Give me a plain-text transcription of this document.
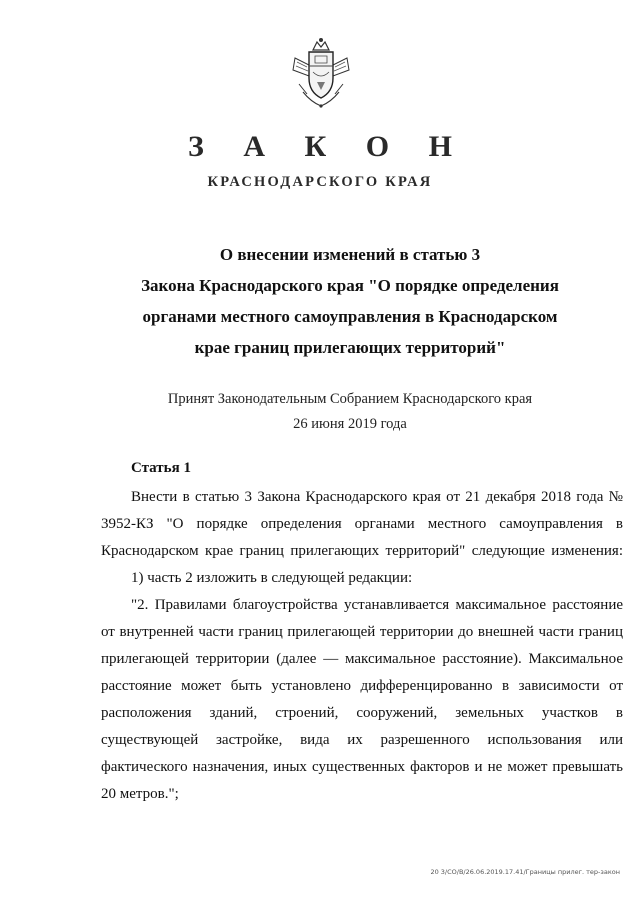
З А К О Н
КРАСНОДАРСКОГО КРАЯ
О внесении изменений в статью 3
Закона Краснодарского края "О порядке определения
органами местного самоуправления в Краснодарском
крае границ прилегающих территорий"
Принят Законодательным Собранием Краснодарского края
26 июня 2019 года
Статья 1

Внести в статью 3 Закона Краснодарского края от 21 декабря 2018 года № 3952-КЗ "О порядке определения органами местного самоуправления в Краснодарском крае границ прилегающих территорий" следующие изменения:

1) часть 2 изложить в следующей редакции:

"2. Правилами благоустройства устанавливается максимальное расстояние от внутренней части границ прилегающей территории до внешней части границ прилегающей территории (далее — максимальное расстояние). Максимальное расстояние может быть установлено дифференцированно в зависимости от расположения зданий, строений, сооружений, земельных участков в существующей застройке, вида их разрешенного использования или фактического назначения, иных существенных факторов и не может превышать 20 метров.";

20 3/CO/B/26.06.2019.17.41/Границы прилег. тер-закон
